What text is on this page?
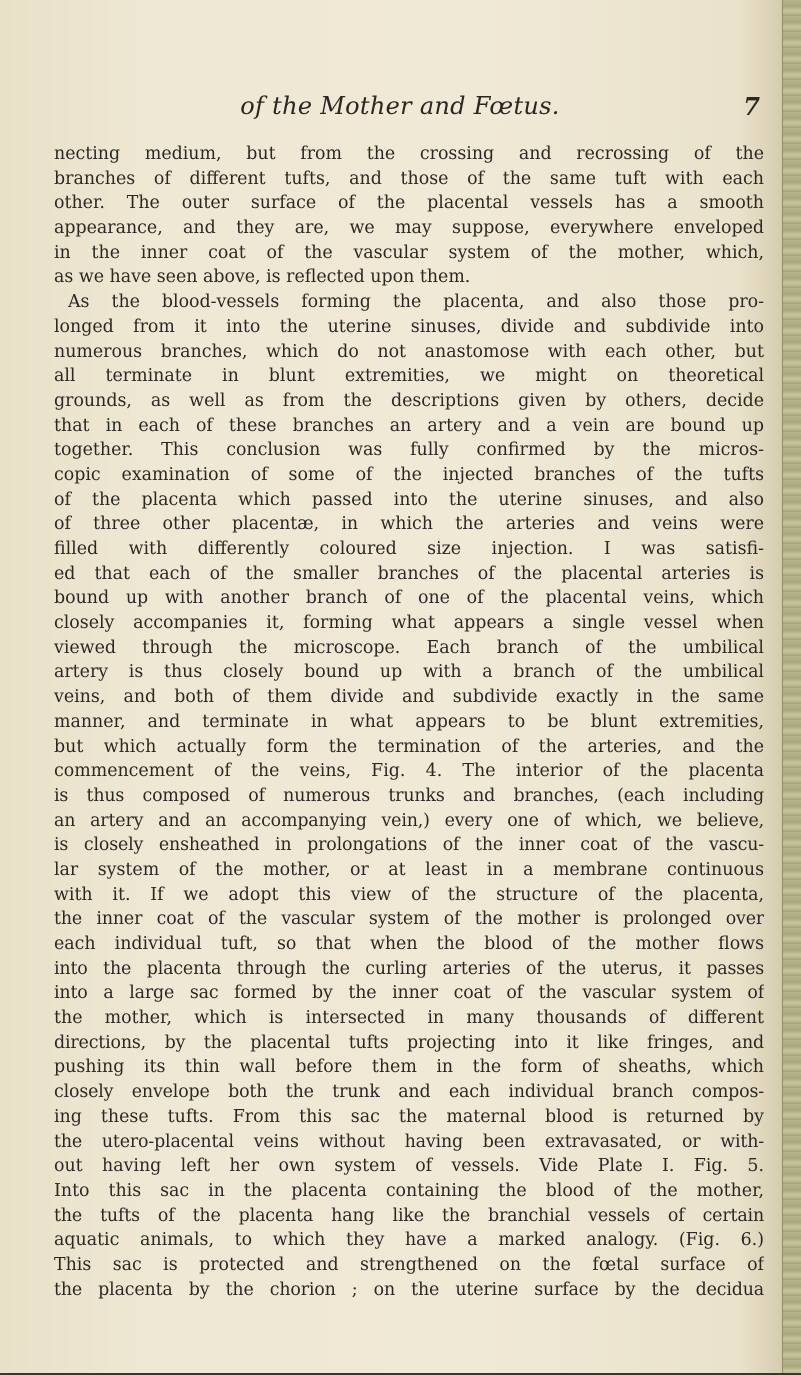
of the Mother and Fœtus.	7
necting medium, but from the crossing and recrossing of the
branches of different tufts, and those of the same tuft with each
other. The outer surface of the placental vessels has a smooth
appearance, and they are, we may suppose, everywhere enveloped
in the inner coat of the vascular system of the mother, which,
as we have seen above, is reflected upon them.
As the blood-vessels forming the placenta, and also those pro-
longed from it into the uterine sinuses, divide and subdivide into
numerous branches, which do not anastomose with each other, but
all terminate in blunt extremities, we might on theoretical
grounds, as well as from the descriptions given by others, decide
that in each of these branches an artery and a vein are bound up
together. This conclusion was fully confirmed by the micros-
copic examination of some of the injected branches of the tufts
of the placenta which passed into the uterine sinuses, and also
of three other placentæ, in which the arteries and veins were
filled with differently coloured size injection. I was satisfi-
ed that each of the smaller branches of the placental arteries is
bound up with another branch of one of the placental veins, which
closely accompanies it, forming what appears a single vessel when
viewed through the microscope. Each branch of the umbilical
artery is thus closely bound up with a branch of the umbilical
veins, and both of them divide and subdivide exactly in the same
manner, and terminate in what appears to be blunt extremities,
but which actually form the termination of the arteries, and the
commencement of the veins, Fig. 4. The interior of the placenta
is thus composed of numerous trunks and branches, (each including
an artery and an accompanying vein,) every one of which, we believe,
is closely ensheathed in prolongations of the inner coat of the vascu-
lar system of the mother, or at least in a membrane continuous
with it. If we adopt this view of the structure of the placenta,
the inner coat of the vascular system of the mother is prolonged over
each individual tuft, so that when the blood of the mother flows
into the placenta through the curling arteries of the uterus, it passes
into a large sac formed by the inner coat of the vascular system of
the mother, which is intersected in many thousands of different
directions, by the placental tufts projecting into it like fringes, and
pushing its thin wall before them in the form of sheaths, which
closely envelope both the trunk and each individual branch compos-
ing these tufts. From this sac the maternal blood is returned by
the utero-placental veins without having been extravasated, or with-
out having left her own system of vessels. Vide Plate I. Fig. 5.
Into this sac in the placenta containing the blood of the mother,
the tufts of the placenta hang like the branchial vessels of certain
aquatic animals, to which they have a marked analogy. (Fig. 6.)
This sac is protected and strengthened on the fœtal surface of
the placenta by the chorion ; on the uterine surface by the decidua
